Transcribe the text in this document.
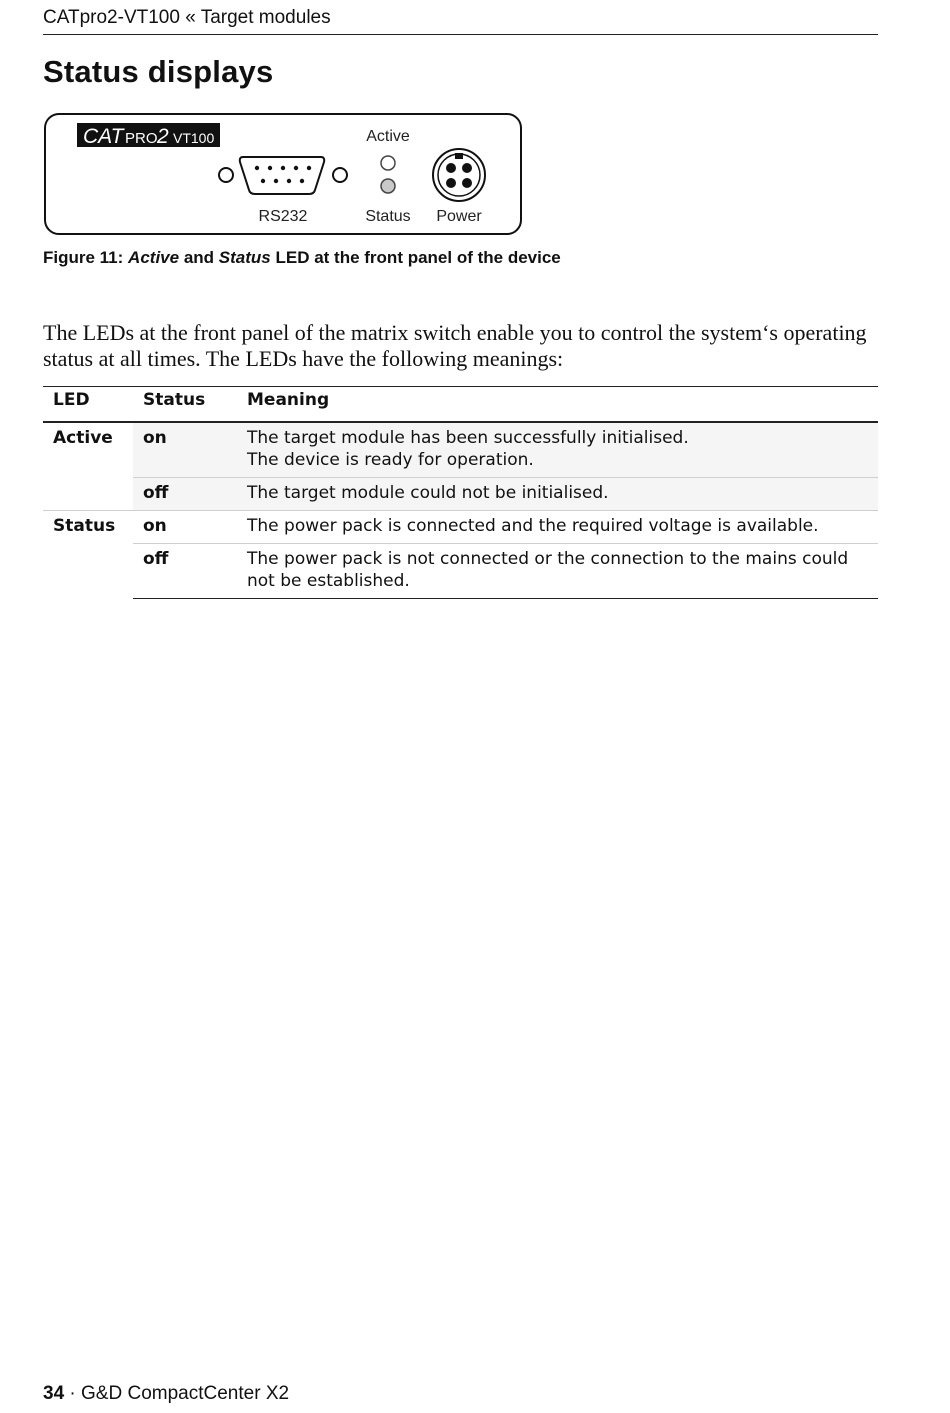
CATpro2-VT100 « Target modules
Status displays
CAT PRO 2 VT100
RS232
Active
Status Power
Figure 11: Active and Status LED at the front panel of the device

The LEDs at the front panel of the matrix switch enable you to control the system‘s operating status at all times. The LEDs have the following meanings:

LED	Status	Meaning
Active	on	The target module has been successfully initialised.
The device is ready for operation.

	off	The target module could not be initialised.
Status	on	The power pack is connected and the required voltage is available.
	off	The power pack is not connected or the connection to the mains could not be established.
34 · G&D CompactCenter X2
